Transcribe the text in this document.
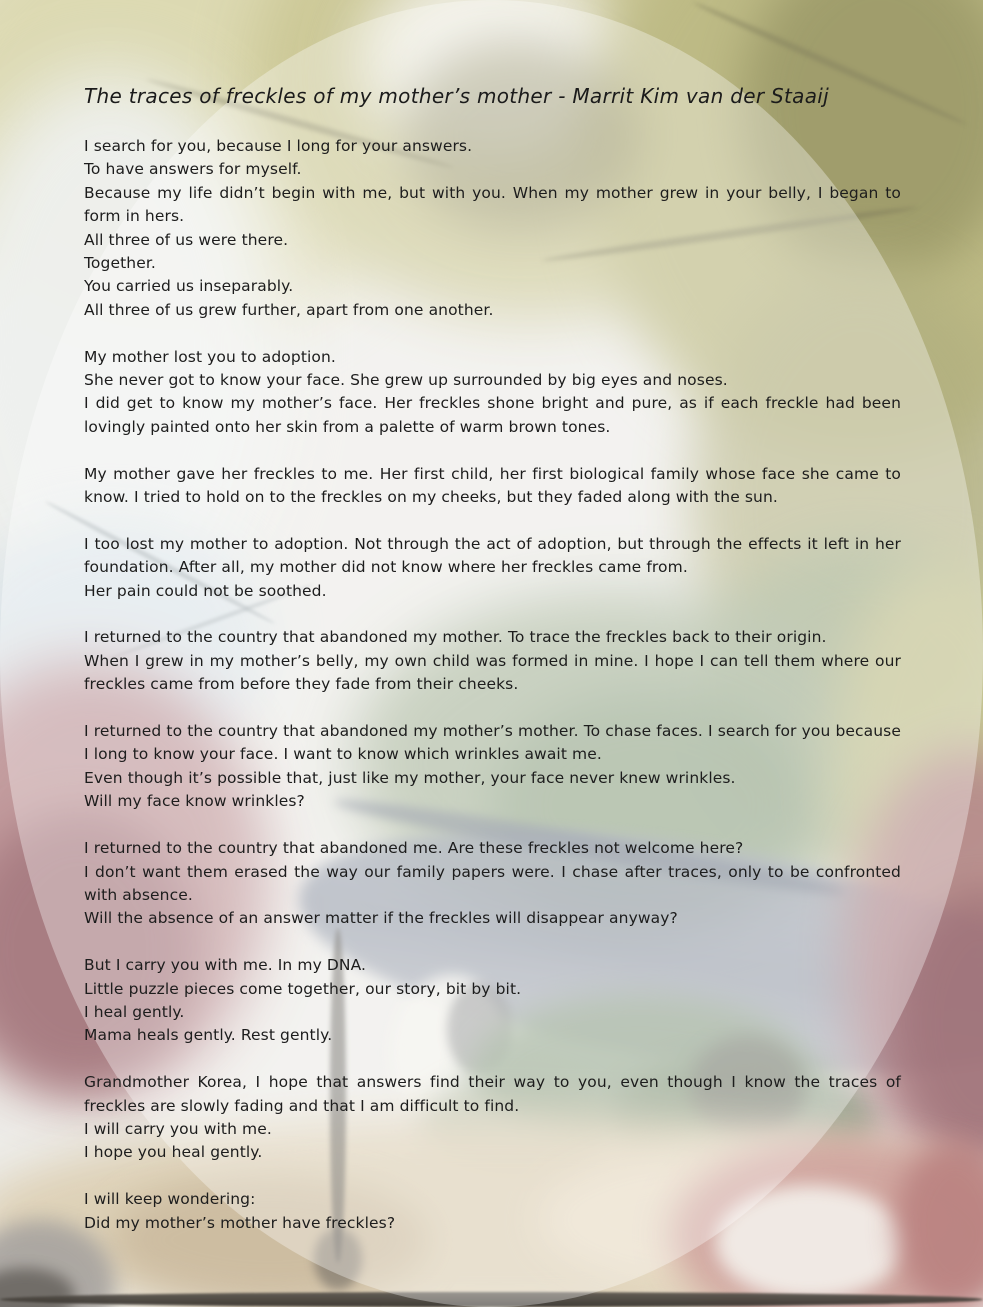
The traces of freckles of my mother’s mother - Marrit Kim van der Staaij
I search for you, because I long for your answers.
To have answers for myself.
Because my life didn’t begin with me, but with you. When my mother grew in your belly, I began to form in hers.
All three of us were there.
Together.
You carried us inseparably.
All three of us grew further, apart from one another.
My mother lost you to adoption.
She never got to know your face. She grew up surrounded by big eyes and noses.
I did get to know my mother’s face. Her freckles shone bright and pure, as if each freckle had been lovingly painted onto her skin from a palette of warm brown tones.
My mother gave her freckles to me. Her first child, her first biological family whose face she came to know. I tried to hold on to the freckles on my cheeks, but they faded along with the sun.
I too lost my mother to adoption. Not through the act of adoption, but through the effects it left in her foundation. After all, my mother did not know where her freckles came from.
Her pain could not be soothed.
I returned to the country that abandoned my mother. To trace the freckles back to their origin.
When I grew in my mother’s belly, my own child was formed in mine. I hope I can tell them where our freckles came from before they fade from their cheeks.
I returned to the country that abandoned my mother’s mother. To chase faces. I search for you because I long to know your face. I want to know which wrinkles await me.
Even though it’s possible that, just like my mother, your face never knew wrinkles.
Will my face know wrinkles?
I returned to the country that abandoned me. Are these freckles not welcome here?
I don’t want them erased the way our family papers were. I chase after traces, only to be confronted with absence.
Will the absence of an answer matter if the freckles will disappear anyway?
But I carry you with me. In my DNA.
Little puzzle pieces come together, our story, bit by bit.
I heal gently.
Mama heals gently. Rest gently.
Grandmother Korea, I hope that answers find their way to you, even though I know the traces of freckles are slowly fading and that I am difficult to find.
I will carry you with me.
I hope you heal gently.
I will keep wondering:
Did my mother’s mother have freckles?
